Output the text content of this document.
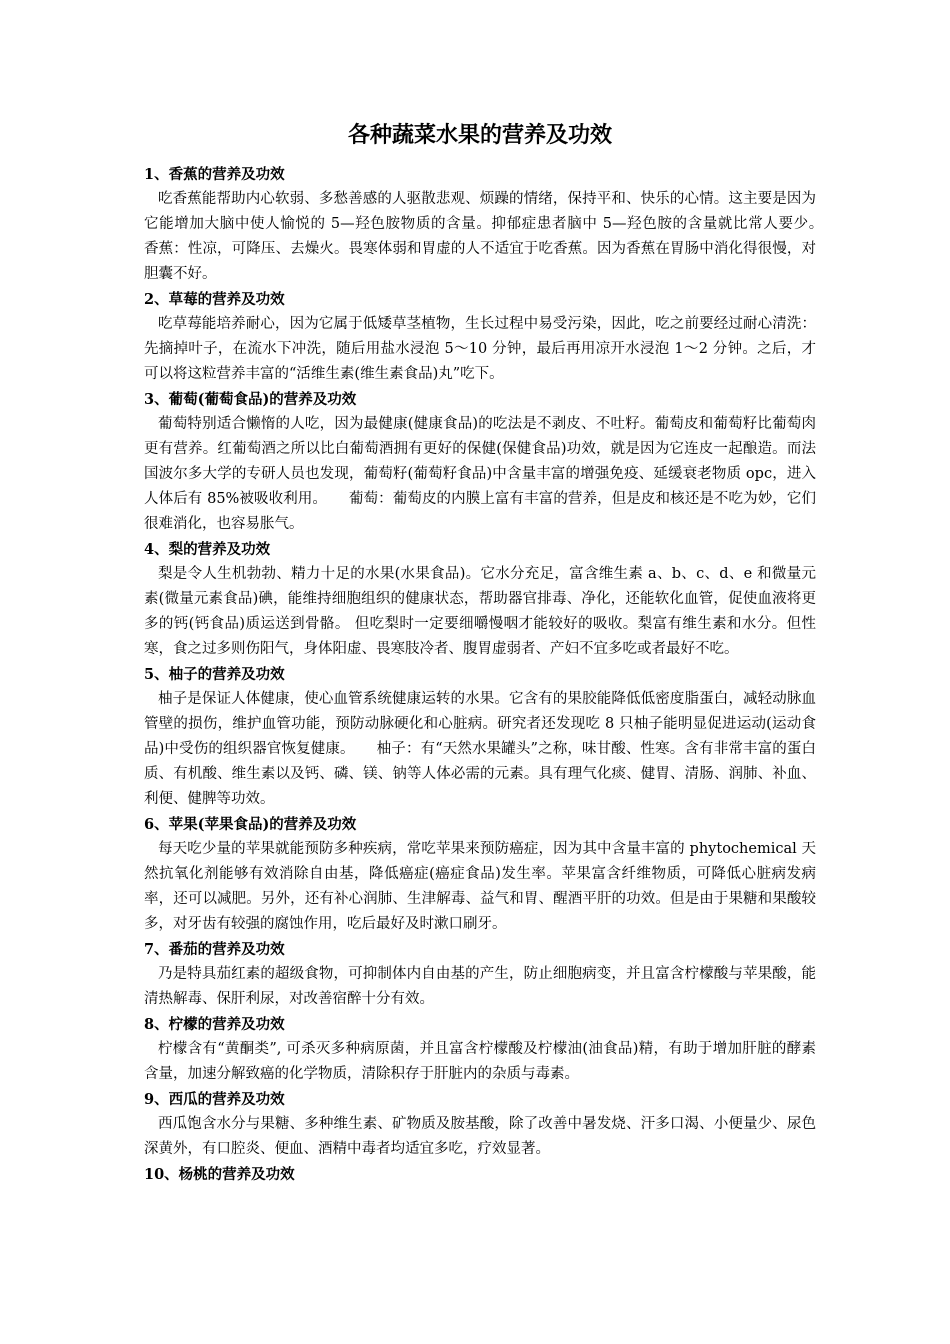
各种蔬菜水果的营养及功效

1、香蕉的营养及功效

吃香蕉能帮助内心软弱、多愁善感的人驱散悲观、烦躁的情绪，保持平和、快乐的心情。这主要是因为它能增加大脑中使人愉悦的 5—羟色胺物质的含量。抑郁症患者脑中 5—羟色胺的含量就比常人要少。　　香蕉：性凉，可降压、去燥火。畏寒体弱和胃虚的人不适宜于吃香蕉。因为香蕉在胃肠中消化得很慢，对胆囊不好。

2、草莓的营养及功效

吃草莓能培养耐心，因为它属于低矮草茎植物，生长过程中易受污染，因此，吃之前要经过耐心清洗：先摘掉叶子，在流水下冲洗，随后用盐水浸泡 5～10 分钟，最后再用凉开水浸泡 1～2 分钟。之后，才可以将这粒营养丰富的“活维生素(维生素食品)丸”吃下。

3、葡萄(葡萄食品)的营养及功效

葡萄特别适合懒惰的人吃，因为最健康(健康食品)的吃法是不剥皮、不吐籽。葡萄皮和葡萄籽比葡萄肉更有营养。红葡萄酒之所以比白葡萄酒拥有更好的保健(保健食品)功效，就是因为它连皮一起酿造。而法国波尔多大学的专研人员也发现，葡萄籽(葡萄籽食品)中含量丰富的增强免疫、延缓衰老物质 opc，进入人体后有 85%被吸收利用。　　葡萄：葡萄皮的内膜上富有丰富的营养，但是皮和核还是不吃为妙，它们很难消化，也容易胀气。

4、梨的营养及功效

梨是令人生机勃勃、精力十足的水果(水果食品)。它水分充足，富含维生素 a、b、c、d、e 和微量元素(微量元素食品)碘，能维持细胞组织的健康状态，帮助器官排毒、净化，还能软化血管，促使血液将更多的钙(钙食品)质运送到骨骼。 但吃梨时一定要细嚼慢咽才能较好的吸收。梨富有维生素和水分。但性寒，食之过多则伤阳气，身体阳虚、畏寒肢冷者、腹胃虚弱者、产妇不宜多吃或者最好不吃。

5、柚子的营养及功效

柚子是保证人体健康，使心血管系统健康运转的水果。它含有的果胶能降低低密度脂蛋白，减轻动脉血管壁的损伤，维护血管功能，预防动脉硬化和心脏病。研究者还发现吃 8 只柚子能明显促进运动(运动食品)中受伤的组织器官恢复健康。　　柚子：有“天然水果罐头”之称，味甘酸、性寒。含有非常丰富的蛋白质、有机酸、维生素以及钙、磷、镁、钠等人体必需的元素。具有理气化痰、健胃、清肠、润肺、补血、利便、健脾等功效。

6、苹果(苹果食品)的营养及功效

每天吃少量的苹果就能预防多种疾病，常吃苹果来预防癌症，因为其中含量丰富的 phytochemical 天然抗氧化剂能够有效消除自由基，降低癌症(癌症食品)发生率。苹果富含纤维物质，可降低心脏病发病率，还可以减肥。另外，还有补心润肺、生津解毒、益气和胃、醒酒平肝的功效。但是由于果糖和果酸较多，对牙齿有较强的腐蚀作用，吃后最好及时漱口刷牙。

7、番茄的营养及功效

乃是特具茄红素的超级食物，可抑制体内自由基的产生，防止细胞病变，并且富含柠檬酸与苹果酸，能清热解毒、保肝利尿，对改善宿醉十分有效。

8、柠檬的营养及功效

柠檬含有“黄酮类”, 可杀灭多种病原菌，并且富含柠檬酸及柠檬油(油食品)精，有助于增加肝脏的酵素含量，加速分解致癌的化学物质，清除积存于肝脏内的杂质与毒素。

9、西瓜的营养及功效

西瓜饱含水分与果糖、多种维生素、矿物质及胺基酸，除了改善中暑发烧、汗多口渴、小便量少、尿色深黄外，有口腔炎、便血、酒精中毒者均适宜多吃，疗效显著。

10、杨桃的营养及功效
